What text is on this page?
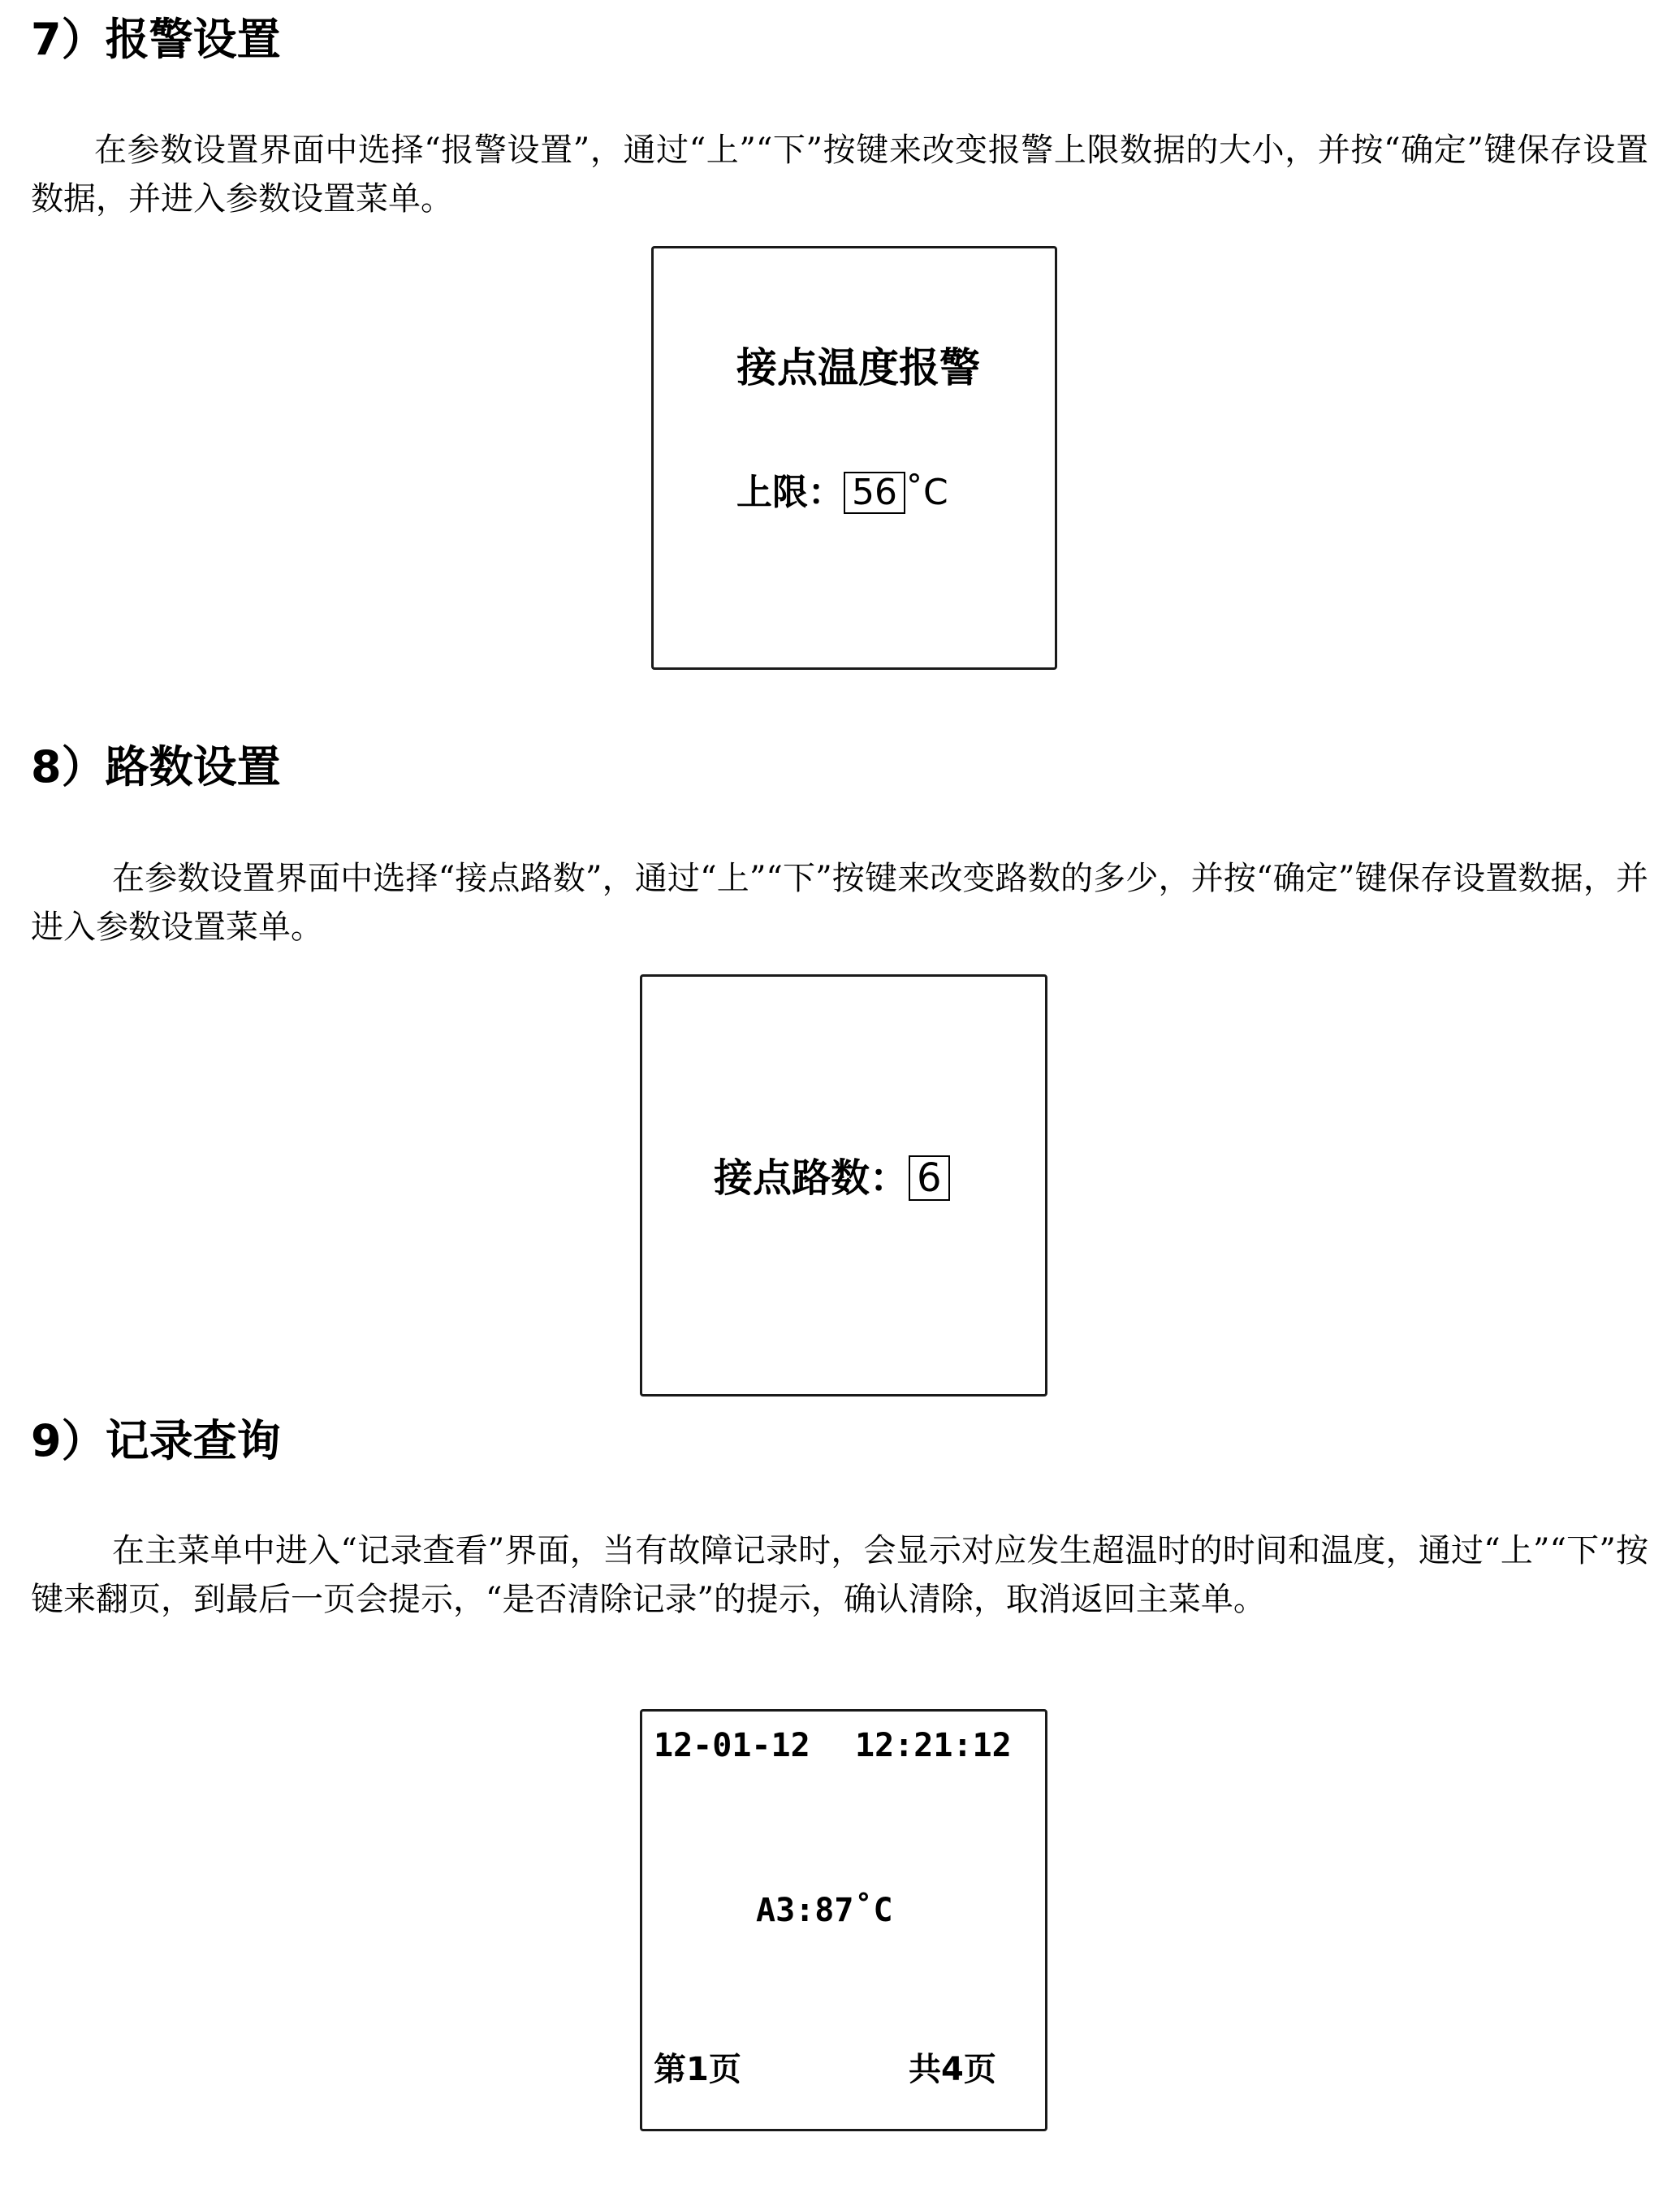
7）报警设置

在参数设置界面中选择“报警设置”，通过“上”“下”按键来改变报警上限数据的大小，并按“确定”键保存设置数据，并进入参数设置菜单。

接点温度报警
上限： 56 ˚C
8）路数设置

在参数设置界面中选择“接点路数”，通过“上”“下”按键来改变路数的多少，并按“确定”键保存设置数据，并进入参数设置菜单。

接点路数： 6
9）记录查询

在主菜单中进入“记录查看”界面，当有故障记录时，会显示对应发生超温时的时间和温度，通过“上”“下”按键来翻页，到最后一页会提示，“是否清除记录”的提示，确认清除，取消返回主菜单。

12-01-12 12:21:12
A3:87˚C
第1页	共4页
